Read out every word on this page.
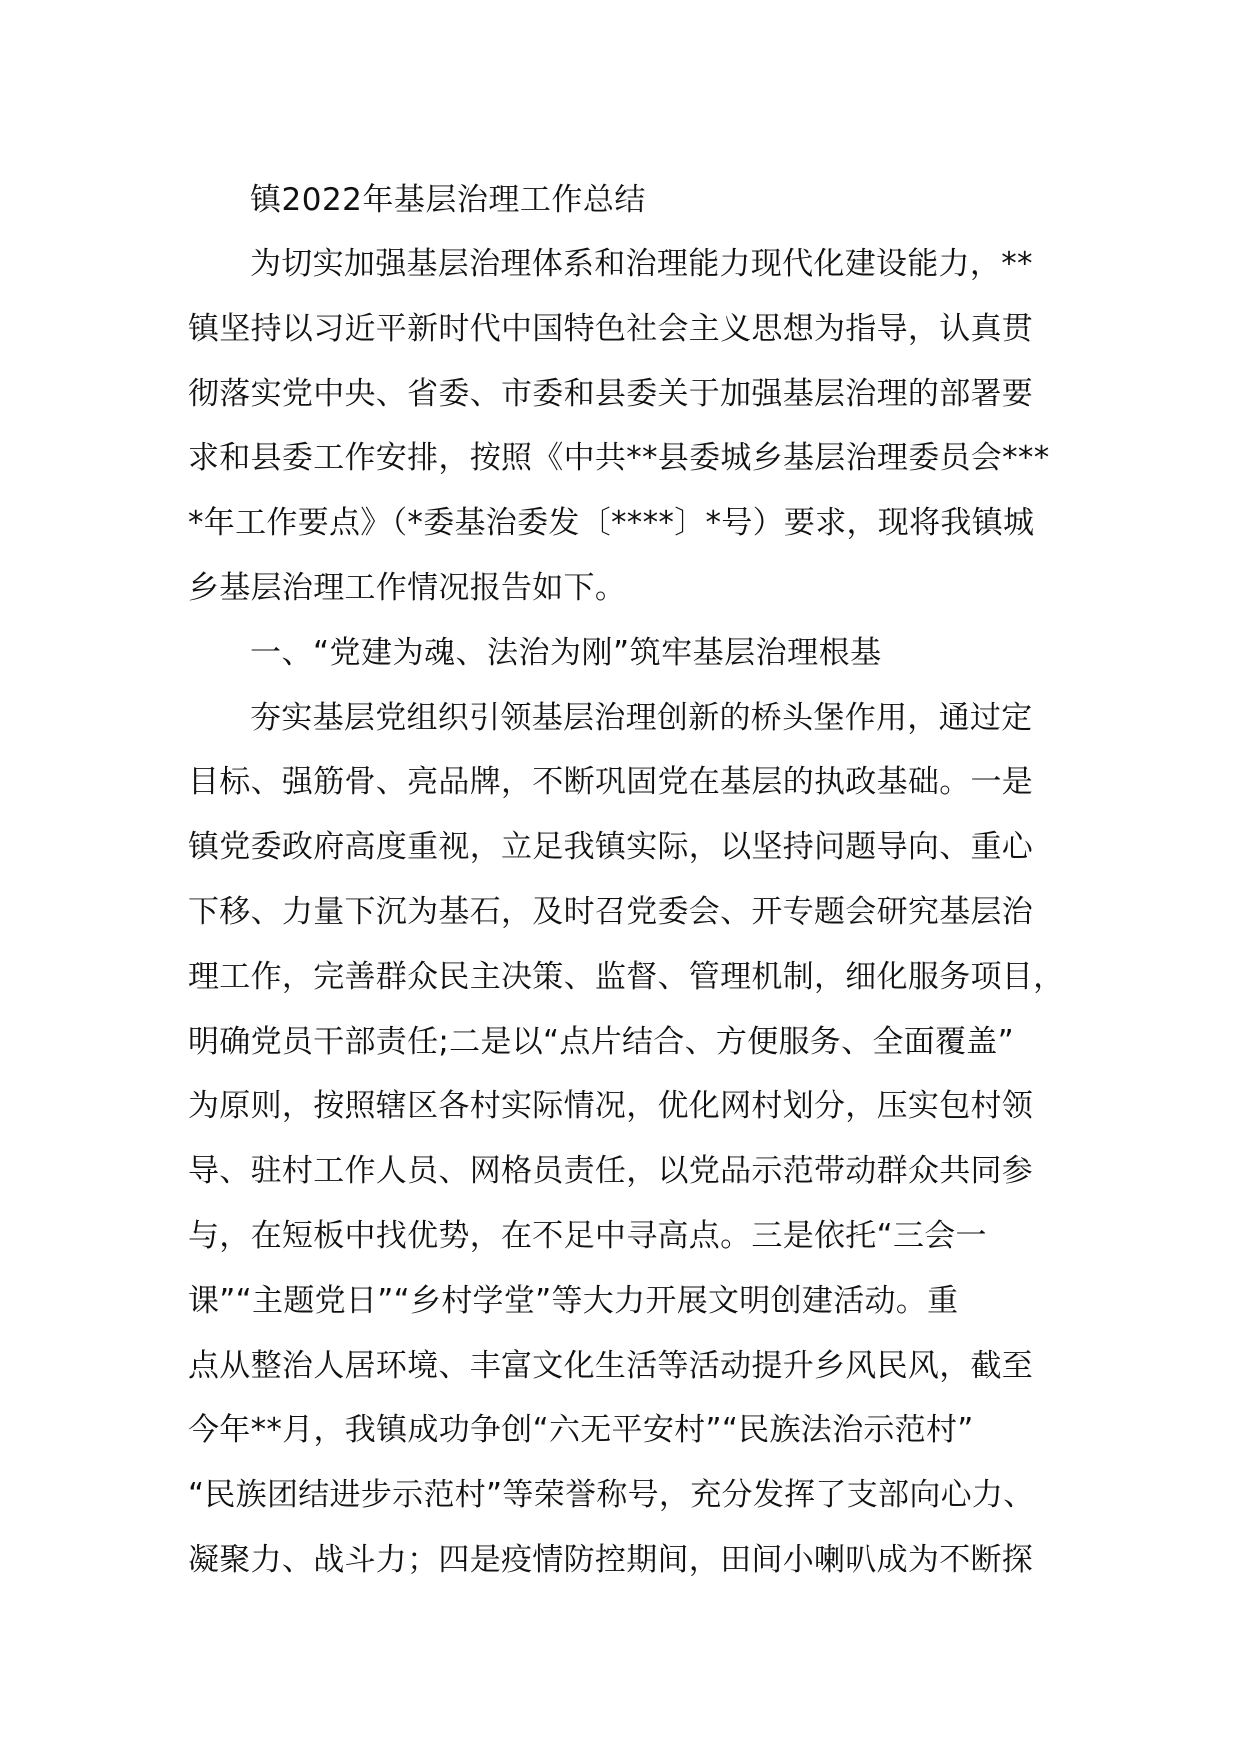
镇2022年基层治理工作总结
为切实加强基层治理体系和治理能力现代化建设能力，**
镇坚持以习近平新时代中国特色社会主义思想为指导，认真贯
彻落实党中央、省委、市委和县委关于加强基层治理的部署要
求和县委工作安排，按照《中共**县委城乡基层治理委员会***
*年工作要点》（*委基治委发〔****〕*号）要求，现将我镇城
乡基层治理工作情况报告如下。
一、“党建为魂、法治为刚”筑牢基层治理根基
夯实基层党组织引领基层治理创新的桥头堡作用，通过定
目标、强筋骨、亮品牌，不断巩固党在基层的执政基础。一是
镇党委政府高度重视，立足我镇实际，以坚持问题导向、重心
下移、力量下沉为基石，及时召党委会、开专题会研究基层治
理工作，完善群众民主决策、监督、管理机制，细化服务项目，
明确党员干部责任;二是以“点片结合、方便服务、全面覆盖”
为原则，按照辖区各村实际情况，优化网村划分，压实包村领
导、驻村工作人员、网格员责任，以党品示范带动群众共同参
与，在短板中找优势，在不足中寻高点。三是依托“三会一
课”“主题党日”“乡村学堂”等大力开展文明创建活动。重
点从整治人居环境、丰富文化生活等活动提升乡风民风，截至
今年**月，我镇成功争创“六无平安村”“民族法治示范村”
“民族团结进步示范村”等荣誉称号，充分发挥了支部向心力、
凝聚力、战斗力；四是疫情防控期间，田间小喇叭成为不断探
